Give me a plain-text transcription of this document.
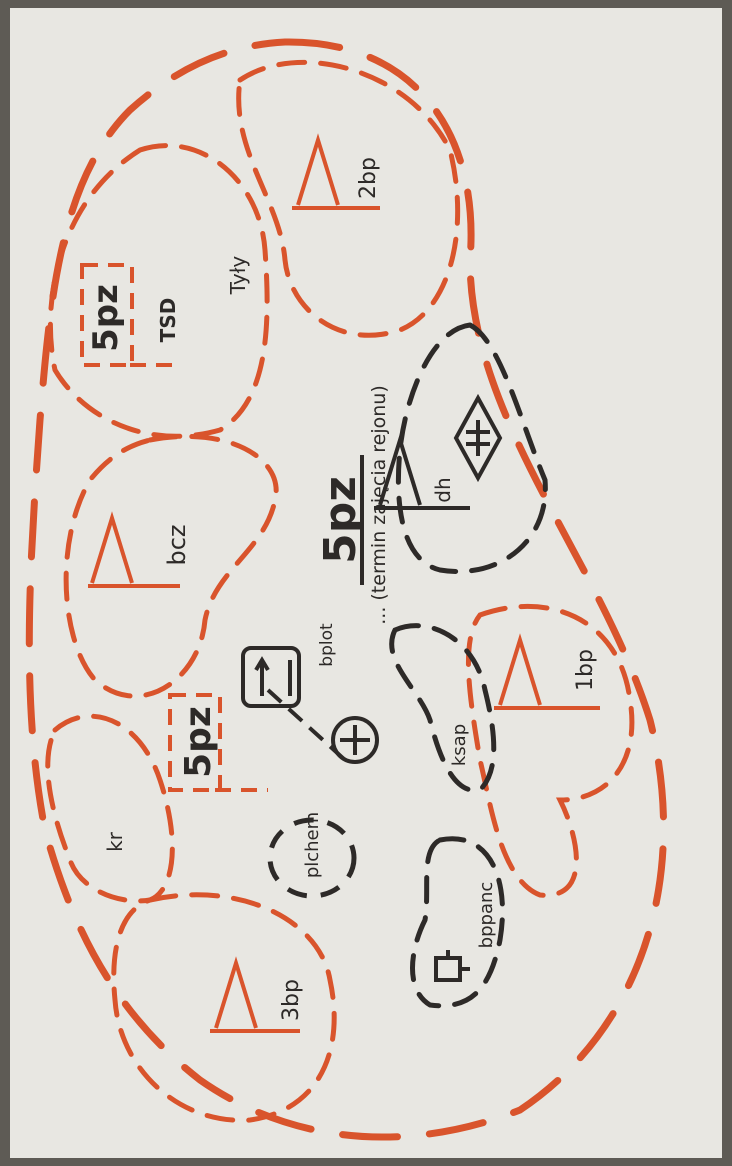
5pz ... (termin zajęcia rejonu)
5pz TSD
Tyły
2bp
bcz
dh
bplot
5pz
1bp
ksap
kr	plchem
bppanc
3bp
